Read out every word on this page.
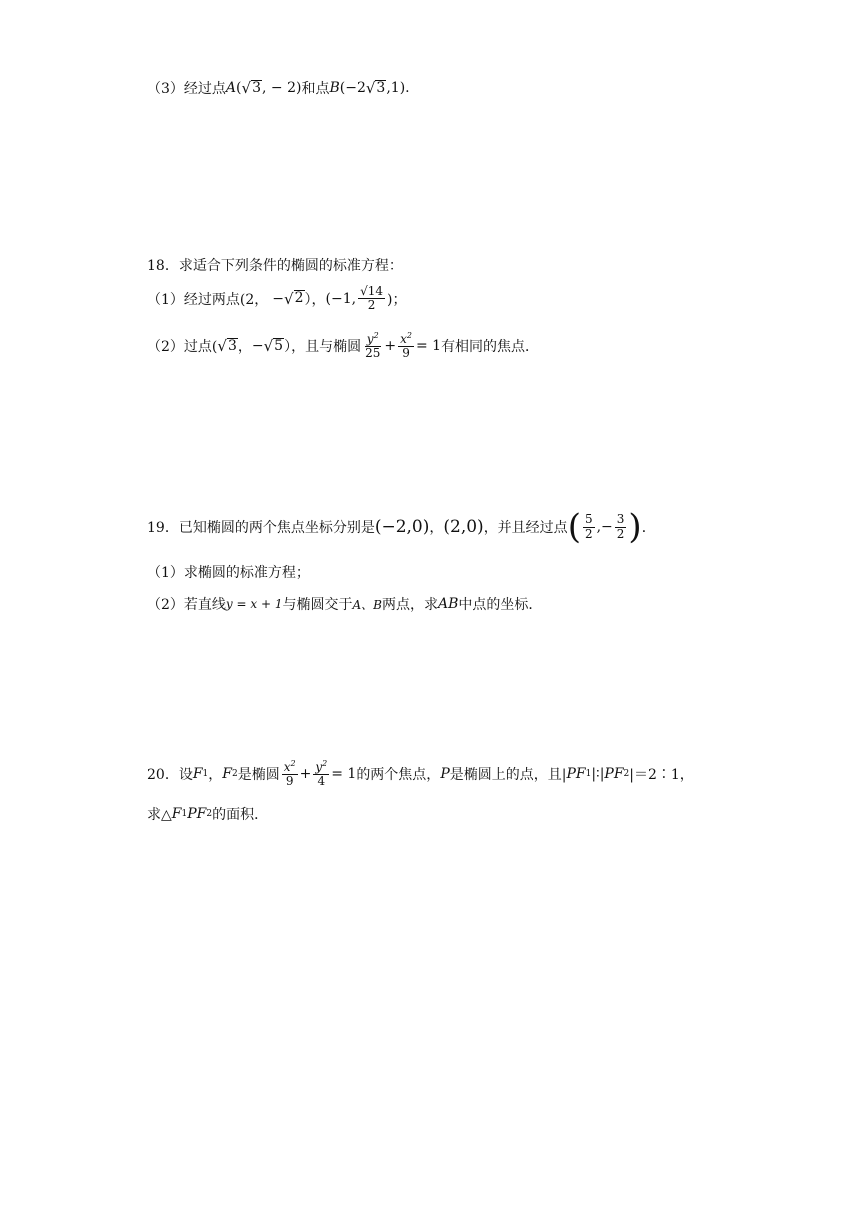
（3）经过点 A ( √ 3 , − 2) 和点 B (−2 √ 3 ,1) .
18．求适合下列条件的椭圆的标准方程：
（1）经过两点(2， − √ 2 ）， (−1, $\frac{√14}{2}$ )；
（2）过点( √ 3 ， − √ 5 ），且与椭圆 $\frac{y^2}{25} + \frac{x^2}{9} = 1$ 有相同的焦点．
19．已知椭圆的两个焦点坐标分别是 (−2,0) ， (2,0) ，并且经过点 ( $\frac{5}{2}$ ,− $\frac{3}{2}$ ) ．
（1）求椭圆的标准方程；
（2）若直线 y = x + 1 与椭圆交于 A、B 两点，求 AB 中点的坐标．
20．设 F 1 ， F 2 是椭圆 $\frac{x^2}{9} + \frac{y^2}{4} = 1$ 的两个焦点， P 是椭圆上的点，且| PF 1 |∶| PF 2 |＝2∶1，
求△ F 1 P F 2 的面积．
